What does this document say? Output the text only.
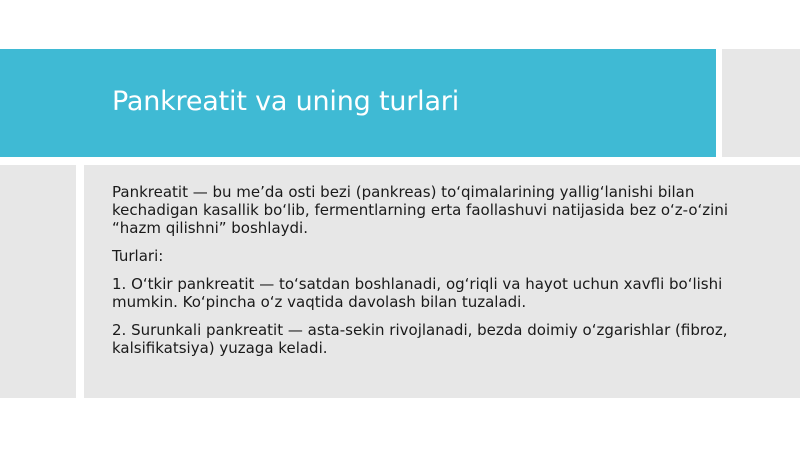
Pankreatit va uning turlari

Pankreatit — bu me’da osti bezi (pankreas) to‘qimalarining yallig‘lanishi bilan kechadigan kasallik bo‘lib, fermentlarning erta faollashuvi natijasida bez o‘z-o‘zini “hazm qilishni” boshlaydi.

Turlari:

1. O‘tkir pankreatit — to‘satdan boshlanadi, og‘riqli va hayot uchun xavfli bo‘lishi mumkin. Ko‘pincha o‘z vaqtida davolash bilan tuzaladi.

2. Surunkali pankreatit — asta-sekin rivojlanadi, bezda doimiy o‘zgarishlar (fibroz, kalsifikatsiya) yuzaga keladi.
